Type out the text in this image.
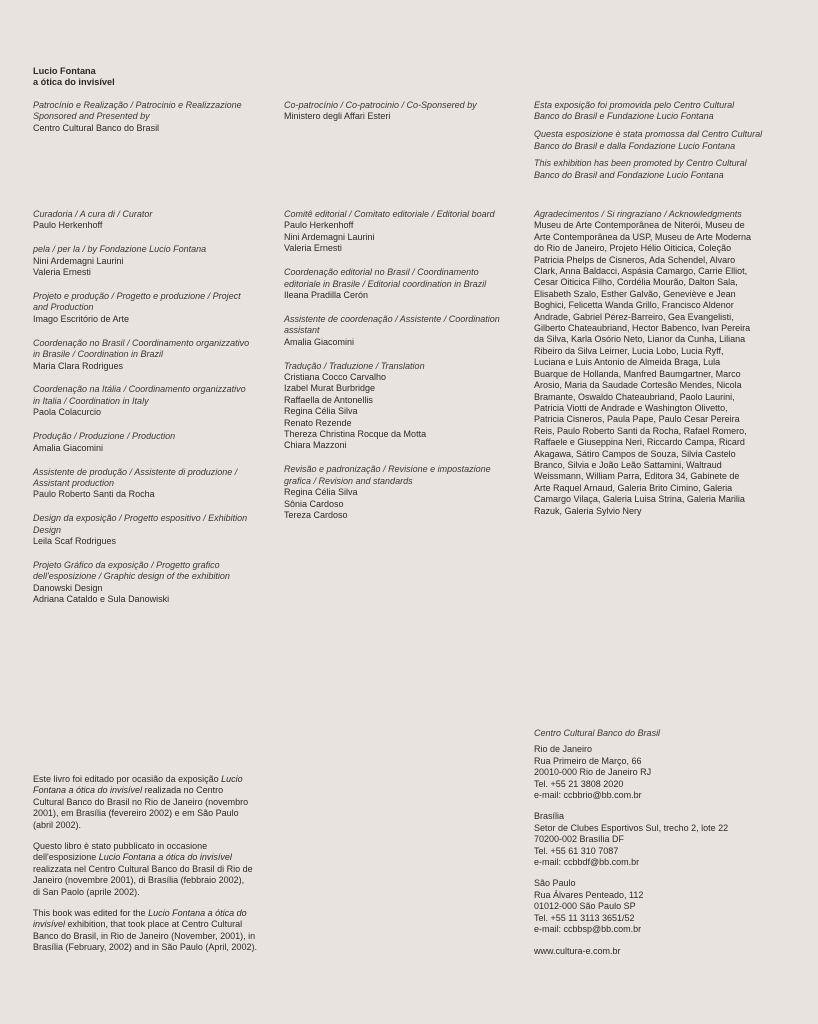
Lucio Fontana
a ótica do invisível
Patrocínio e Realização / Patrocinio e Realizzazione
Sponsored and Presented by
Centro Cultural Banco do Brasil
Co-patrocínio / Co-patrocinio / Co-Sponsered by
Ministero degli Affari Esteri
Esta exposição foi promovida pelo Centro Cultural
Banco do Brasil e Fundazione Lucio Fontana
Questa esposizione è stata promossa dal Centro Cultural
Banco do Brasil e dalla Fondazione Lucio Fontana
This exhibition has been promoted by Centro Cultural
Banco do Brasil and Fondazione Lucio Fontana
Curadoria / A cura di / Curator
Paulo Herkenhoff
pela / per la / by Fondazione Lucio Fontana
Nini Ardemagni Laurini
Valeria Ernesti
Projeto e produção / Progetto e produzione / Project
and Production
Imago Escritório de Arte
Coordenação no Brasil / Coordinamento organizzativo
in Brasile / Coordination in Brazil
Maria Clara Rodrigues
Coordenação na Itália / Coordinamento organizzativo
in Italia / Coordination in Italy
Paola Colacurcio
Produção / Produzione / Production
Amalia Giacomini
Assistente de produção / Assistente di produzione /
Assistant production
Paulo Roberto Santi da Rocha
Design da exposição / Progetto espositivo / Exhibition
Design
Leila Scaf Rodrigues
Projeto Gráfico da exposição / Progetto grafico
dell'esposizione / Graphic design of the exhibition
Danowski Design
Adriana Cataldo e Sula Danowiski
Comitê editorial / Comitato editoriale / Editorial board
Paulo Herkenhoff
Nini Ardemagni Laurini
Valeria Ernesti
Coordenação editorial no Brasil / Coordinamento
editoriale in Brasile / Editorial coordination in Brazil
Ileana Pradilla Cerón
Assistente de coordenação / Assistente / Coordination
assistant
Amalia Giacomini
Tradução / Traduzione / Translation
Cristiana Cocco Carvalho
Izabel Murat Burbridge
Raffaella de Antonellis
Regina Célia Silva
Renato Rezende
Thereza Christina Rocque da Motta
Chiara Mazzoni
Revisão e padronização / Revisione e impostazione
grafica / Revision and standards
Regina Célia Silva
Sônia Cardoso
Tereza Cardoso
Agradecimentos / Si ringraziano / Acknowledgments
Museu de Arte Contemporânea de Niterói, Museu de
Arte Contemporânea da USP, Museu de Arte Moderna
do Rio de Janeiro, Projeto Hélio Oiticica, Coleção
Patricia Phelps de Cisneros, Ada Schendel, Alvaro
Clark, Anna Baldacci, Aspásia Camargo, Carrie Elliot,
Cesar Oiticica Filho, Cordélia Mourão, Dalton Sala,
Elisabeth Szalo, Esther Galvão, Geneviève e Jean
Boghici, Felicetta Wanda Grillo, Francisco Aldenor
Andrade, Gabriel Pérez-Barreiro, Gea Evangelisti,
Gilberto Chateaubriand, Hector Babenco, Ivan Pereira
da Silva, Karla Osório Neto, Lianor da Cunha, Liliana
Ribeiro da Silva Leirner, Lucia Lobo, Lucia Ryff,
Luciana e Luis Antonio de Almeida Braga, Lula
Buarque de Hollanda, Manfred Baumgartner, Marco
Arosio, Maria da Saudade Cortesão Mendes, Nicola
Bramante, Oswaldo Chateaubriand, Paolo Laurini,
Patricia Viotti de Andrade e Washington Olivetto,
Patricia Cisneros, Paula Pape, Paulo Cesar Pereira
Reis, Paulo Roberto Santi da Rocha, Rafael Romero,
Raffaele e Giuseppina Neri, Riccardo Campa, Ricard
Akagawa, Sátiro Campos de Souza, Silvia Castelo
Branco, Silvia e João Leão Sattamini, Waltraud
Weissmann, William Parra, Editora 34, Gabinete de
Arte Raquel Arnaud, Galeria Brito Cimino, Galeria
Camargo Vilaça, Galeria Luisa Strina, Galeria Marilia
Razuk, Galeria Sylvio Nery
Este livro foi editado por ocasião da exposição Lucio
Fontana a ótica do invisível realizada no Centro
Cultural Banco do Brasil no Rio de Janeiro (novembro
2001), em Brasília (fevereiro 2002) e em São Paulo
(abril 2002).
Questo libro è stato pubblicato in occasione
dell'esposizione Lucio Fontana a ótica do invisível
realizzata nel Centro Cultural Banco do Brasil di Rio de
Janeiro (novembre 2001), di Brasília (febbraio 2002),
di San Paolo (aprile 2002).
This book was edited for the Lucio Fontana a ótica do
invisível exhibition, that took place at Centro Cultural
Banco do Brasil, in Rio de Janeiro (November, 2001), in
Brasília (February, 2002) and in São Paulo (April, 2002).
Centro Cultural Banco do Brasil
Rio de Janeiro
Rua Primeiro de Março, 66
20010-000 Rio de Janeiro RJ
Tel. +55 21 3808 2020
e-mail: ccbbrio@bb.com.br
Brasília
Setor de Clubes Esportivos Sul, trecho 2, lote 22
70200-002 Brasília DF
Tel. +55 61 310 7087
e-mail: ccbbdf@bb.com.br
São Paulo
Rua Álvares Penteado, 112
01012-000 São Paulo SP
Tel. +55 11 3113 3651/52
e-mail: ccbbsp@bb.com.br
www.cultura-e.com.br
